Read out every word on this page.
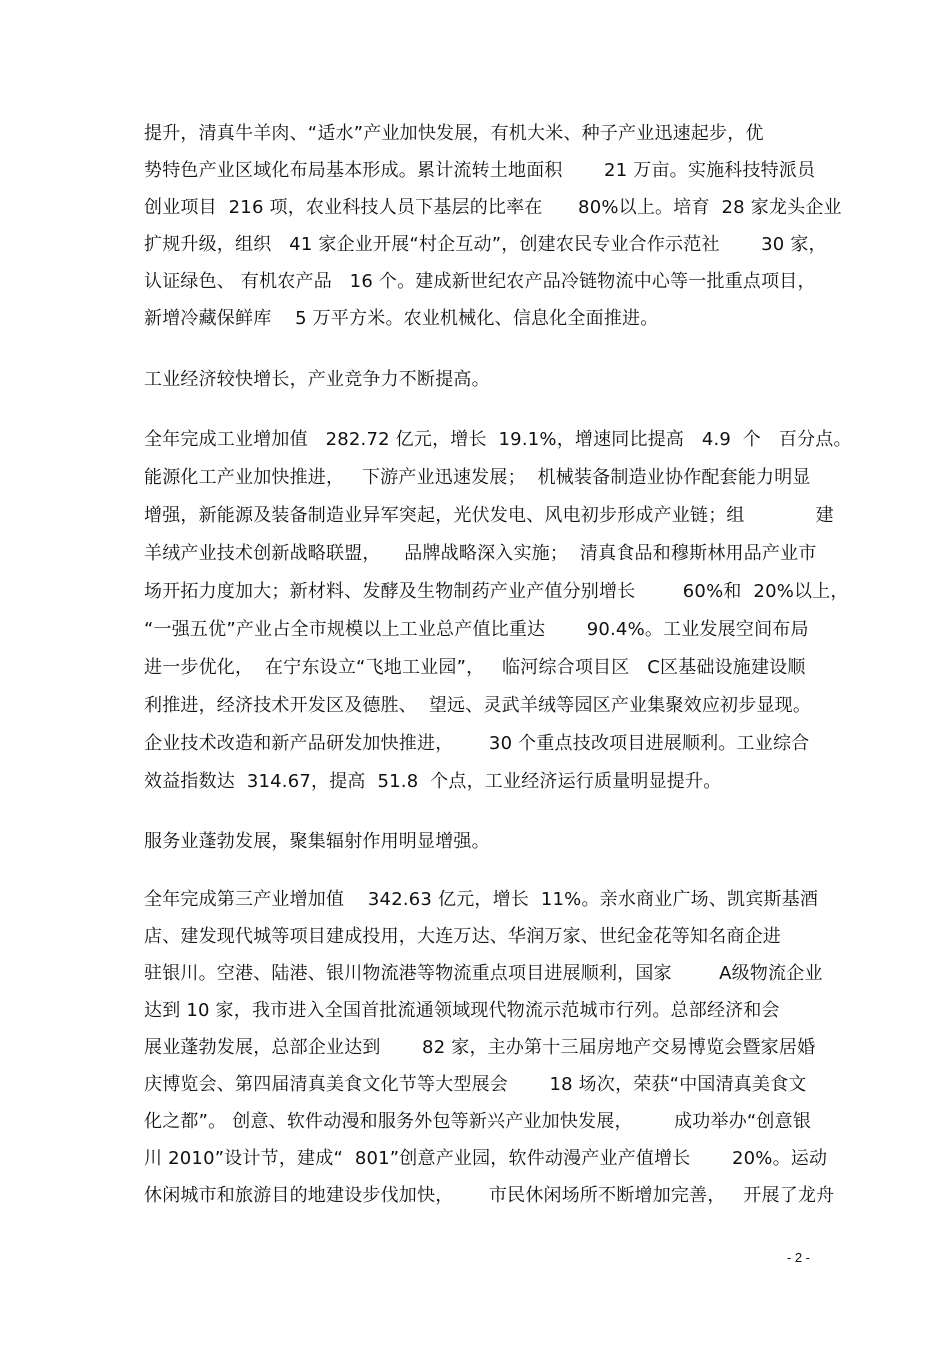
提升，清真牛羊肉、“适水”产业加快发展，有机大米、种子产业迅速起步，优
势特色产业区域化布局基本形成。累计流转土地面积       21 万亩。实施科技特派员
创业项目  216 项，农业科技人员下基层的比率在      80%以上。培育  28 家龙头企业
扩规升级，组织   41 家企业开展“村企互动”，创建农民专业合作示范社       30 家，
认证绿色、 有机农产品   16 个。建成新世纪农产品冷链物流中心等一批重点项目，
新增冷藏保鲜库    5 万平方米。农业机械化、信息化全面推进。
工业经济较快增长，产业竞争力不断提高。
全年完成工业增加值   282.72 亿元，增长  19.1%，增速同比提高   4.9  个   百分点。
能源化工产业加快推进，   下游产业迅速发展；  机械装备制造业协作配套能力明显
增强，新能源及装备制造业异军突起，光伏发电、风电初步形成产业链；组            建
羊绒产业技术创新战略联盟，    品牌战略深入实施；  清真食品和穆斯林用品产业市
场开拓力度加大；新材料、发酵及生物制药产业产值分别增长        60%和  20%以上，
“一强五优”产业占全市规模以上工业总产值比重达       90.4%。工业发展空间布局
进一步优化，  在宁东设立“飞地工业园”，   临河综合项目区   C区基础设施建设顺
利推进，经济技术开发区及德胜、  望远、灵武羊绒等园区产业集聚效应初步显现。
企业技术改造和新产品研发加快推进，      30 个重点技改项目进展顺利。工业综合
效益指数达  314.67，提高  51.8  个点，工业经济运行质量明显提升。
服务业蓬勃发展，聚集辐射作用明显增强。
全年完成第三产业增加值    342.63 亿元，增长  11%。亲水商业广场、凯宾斯基酒
店、建发现代城等项目建成投用，大连万达、华润万家、世纪金花等知名商企进
驻银川。空港、陆港、银川物流港等物流重点项目进展顺利，国家        A级物流企业
达到 10 家，我市进入全国首批流通领域现代物流示范城市行列。总部经济和会
展业蓬勃发展，总部企业达到       82 家，主办第十三届房地产交易博览会暨家居婚
庆博览会、第四届清真美食文化节等大型展会       18 场次，荣获“中国清真美食文
化之都”。 创意、软件动漫和服务外包等新兴产业加快发展，       成功举办“创意银
川 2010”设计节，建成“  801”创意产业园，软件动漫产业产值增长       20%。运动
休闲城市和旅游目的地建设步伐加快，      市民休闲场所不断增加完善，   开展了龙舟
- 2 -
